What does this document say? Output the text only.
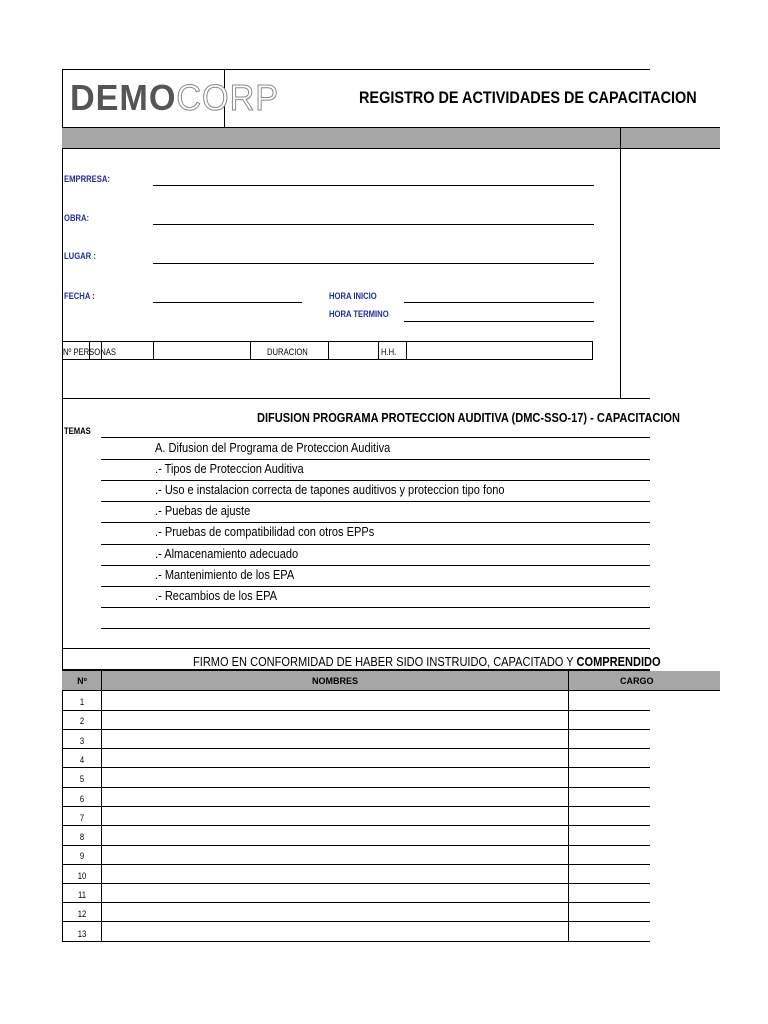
DEMOCORP	REGISTRO DE ACTIVIDADES DE CAPACITACION
EMPRRESA:
OBRA:
LUGAR :
FECHA :	HORA INICIO
HORA TERMINO
Nº PERSONAS	DURACION	H.H.
TEMAS
DIFUSION PROGRAMA PROTECCION AUDITIVA (DMC-SSO-17) - CAPACITACION
A. Difusion del Programa de Proteccion Auditiva
.- Tipos de Proteccion Auditiva
.- Uso e instalacion correcta de tapones auditivos y proteccion tipo fono
.- Puebas de ajuste
.- Pruebas de compatibilidad con otros EPPs
.- Almacenamiento adecuado
.- Mantenimiento de los EPA
.- Recambios de los EPA
FIRMO EN CONFORMIDAD DE HABER SIDO INSTRUIDO, CAPACITADO Y COMPRENDIDO
Nº	NOMBRES	CARGO
1
2
3
4
5
6
7
8
9
10
11
12
13
